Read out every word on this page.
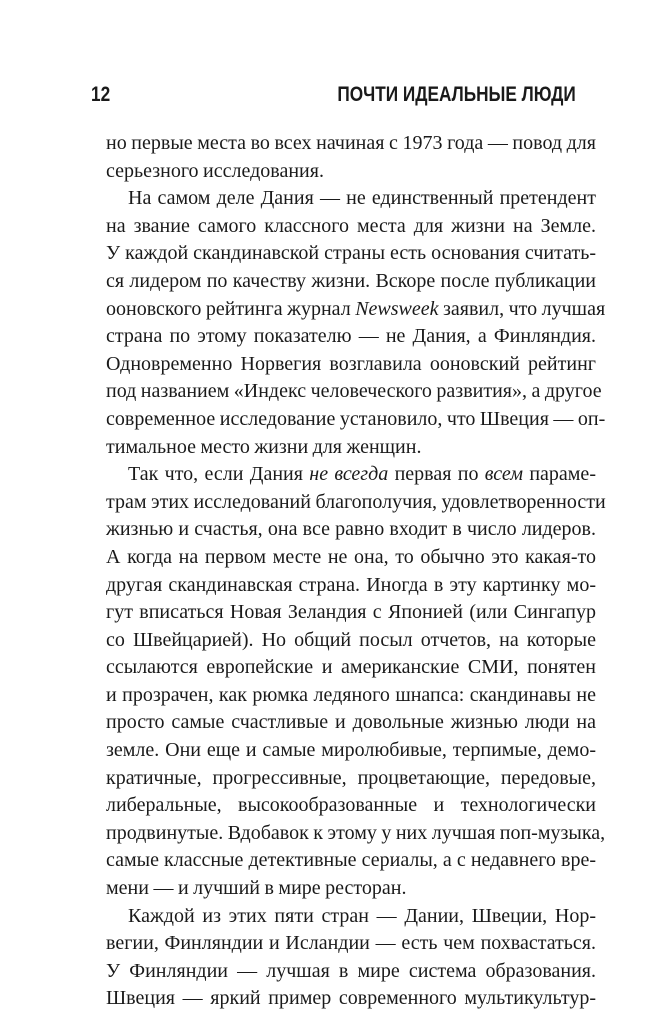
12	ПОЧТИ ИДЕАЛЬНЫЕ ЛЮДИ
но первые места во всех начиная с 1973 года — повод для
серьезного исследования.
На самом деле Дания — не единственный претендент
на звание самого классного места для жизни на Земле.
У каждой скандинавской страны есть основания считать-
ся лидером по качеству жизни. Вскоре после публикации
ооновского рейтинга журнал Newsweek заявил, что лучшая
страна по этому показателю — не Дания, а Финляндия.
Одновременно Норвегия возглавила ооновский рейтинг
под названием «Индекс человеческого развития», а другое
современное исследование установило, что Швеция — оп-
тимальное место жизни для женщин.
Так что, если Дания не всегда первая по всем парамe-
трам этих исследований благополучия, удовлетворенности
жизнью и счастья, она все равно входит в число лидеров.
А когда на первом месте не она, то обычно это какая-то
другая скандинавская страна. Иногда в эту картинку мо-
гут вписаться Новая Зеландия с Японией (или Сингапур
со Швейцарией). Но общий посыл отчетов, на которые
ссылаются европейские и американские СМИ, понятен
и прозрачен, как рюмка ледяного шнапса: скандинавы не
просто самые счастливые и довольные жизнью люди на
земле. Они еще и самые миролюбивые, терпимые, демо-
кратичные, прогрессивные, процветающие, передовые,
либеральные, высокообразованные и технологически
продвинутые. Вдобавок к этому у них лучшая поп-музыка,
самые классные детективные сериалы, а с недавнего вре-
мени — и лучший в мире ресторан.
Каждой из этих пяти стран — Дании, Швеции, Нор-
вегии, Финляндии и Исландии — есть чем похвастаться.
У Финляндии — лучшая в мире система образования.
Швеция — яркий пример современного мультикультур-
